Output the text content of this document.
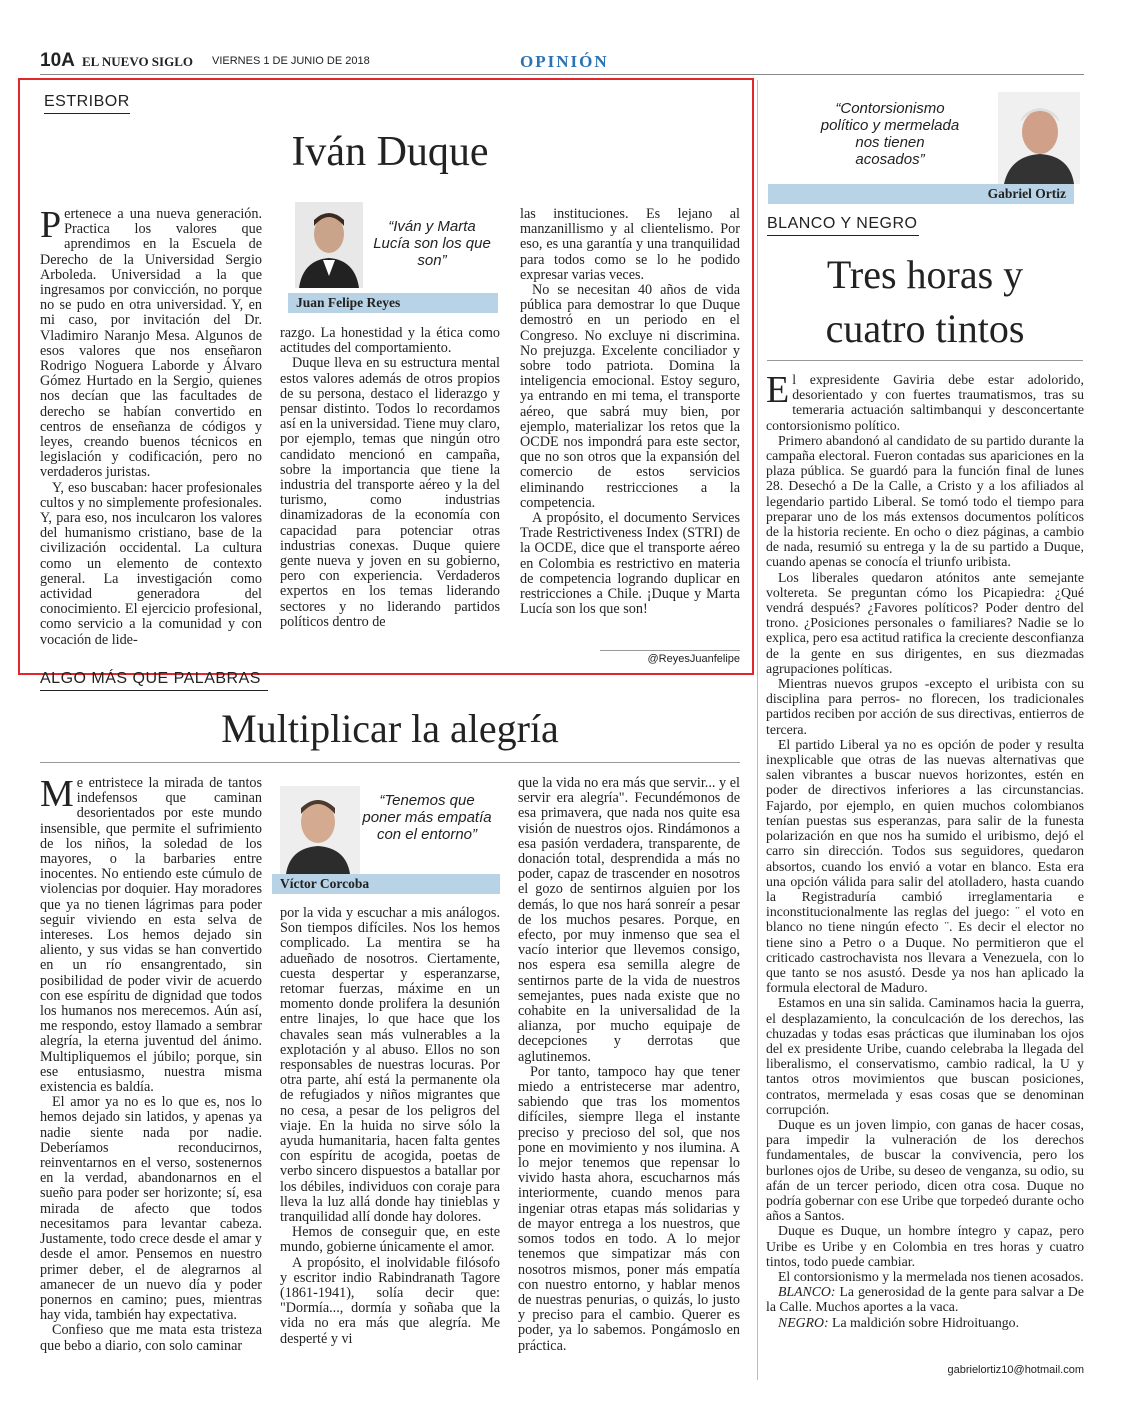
10A EL NUEVO SIGLO VIERNES 1 DE JUNIO DE 2018	OPINIÓN
ESTRIBOR
Iván Duque
“Iván y Marta Lucía son los que son”
Juan Felipe Reyes

Pertenece a una nueva generación. Practica los valores que aprendimos en la Escuela de Derecho de la Universidad Sergio Arboleda. Universidad a la que ingresamos por convicción, no porque no se pudo en otra universidad. Y, en mi caso, por invitación del Dr. Vladimiro Naranjo Mesa. Algunos de esos valores que nos enseñaron Rodrigo Noguera Laborde y Álvaro Gómez Hurtado en la Sergio, quienes nos decían que las facultades de derecho se habían convertido en centros de enseñanza de códigos y leyes, creando buenos técnicos en legislación y codificación, pero no verdaderos juristas.

Y, eso buscaban: hacer profesionales cultos y no simplemente profesionales. Y, para eso, nos inculcaron los valores del humanismo cristiano, base de la civilización occidental. La cultura como un elemento de contexto general. La investigación como actividad generadora del conocimiento. El ejercicio profesional, como servicio a la comunidad y con vocación de lide-

razgo. La honestidad y la ética como actitudes del comportamiento.

Duque lleva en su estructura mental estos valores además de otros propios de su persona, destaco el liderazgo y pensar distinto. Todos lo recordamos así en la universidad. Tiene muy claro, por ejemplo, temas que ningún otro candidato mencionó en campaña, sobre la importancia que tiene la industria del transporte aéreo y la del turismo, como industrias dinamizadoras de la economía con capacidad para potenciar otras industrias conexas. Duque quiere gente nueva y joven en su gobierno, pero con experiencia. Verdaderos expertos en los temas liderando sectores y no liderando partidos políticos dentro de

las instituciones. Es lejano al manzanillismo y al clientelismo. Por eso, es una garantía y una tranquilidad para todos como se lo he podido expresar varias veces.

No se necesitan 40 años de vida pública para demostrar lo que Duque demostró en un periodo en el Congreso. No excluye ni discrimina. No prejuzga. Excelente conciliador y sobre todo patriota. Domina la inteligencia emocional. Estoy seguro, ya entrando en mi tema, el transporte aéreo, que sabrá muy bien, por ejemplo, materializar los retos que la OCDE nos impondrá para este sector, que no son otros que la expansión del comercio de estos servicios eliminando restricciones a la competencia.

A propósito, el documento Services Trade Restrictiveness Index (STRI) de la OCDE, dice que el transporte aéreo en Colombia es restrictivo en materia de competencia logrando duplicar en restricciones a Chile. ¡Duque y Marta Lucía son los que son!

@ReyesJuanfelipe
ALGO MÁS QUE PALABRAS
Multiplicar la alegría
“Tenemos que poner más empatía con el entorno”
Víctor Corcoba

Me entristece la mirada de tantos indefensos que caminan desorientados por este mundo insensible, que permite el sufrimiento de los niños, la soledad de los mayores, o la barbaries entre inocentes. No entiendo este cúmulo de violencias por doquier. Hay moradores que ya no tienen lágrimas para poder seguir viviendo en esta selva de intereses. Los hemos dejado sin aliento, y sus vidas se han convertido en un río ensangrentado, sin posibilidad de poder vivir de acuerdo con ese espíritu de dignidad que todos los humanos nos merecemos. Aún así, me respondo, estoy llamado a sembrar alegría, la eterna juventud del ánimo. Multipliquemos el júbilo; porque, sin ese entusiasmo, nuestra misma existencia es baldía.

El amor ya no es lo que es, nos lo hemos dejado sin latidos, y apenas ya nadie siente nada por nadie. Deberíamos reconducirnos, reinventarnos en el verso, sostenernos en la verdad, abandonarnos en el sueño para poder ser horizonte; sí, esa mirada de afecto que todos necesitamos para levantar cabeza. Justamente, todo crece desde el amar y desde el amor. Pensemos en nuestro primer deber, el de alegrarnos al amanecer de un nuevo día y poder ponernos en camino; pues, mientras hay vida, también hay expectativa.

Confieso que me mata esta tristeza que bebo a diario, con solo caminar

por la vida y escuchar a mis análogos. Son tiempos difíciles. Nos los hemos complicado. La mentira se ha adueñado de nosotros. Ciertamente, cuesta despertar y esperanzarse, retomar fuerzas, máxime en un momento donde prolifera la desunión entre linajes, lo que hace que los chavales sean más vulnerables a la explotación y al abuso. Ellos no son responsables de nuestras locuras. Por otra parte, ahí está la permanente ola de refugiados y niños migrantes que no cesa, a pesar de los peligros del viaje. En la huida no sirve sólo la ayuda humanitaria, hacen falta gentes con espíritu de acogida, poetas de verbo sincero dispuestos a batallar por los débiles, individuos con coraje para lleva la luz allá donde hay tinieblas y tranquilidad allí donde hay dolores.

Hemos de conseguir que, en este mundo, gobierne únicamente el amor.

A propósito, el inolvidable filósofo y escritor indio Rabindranath Tagore (1861-1941), solía decir que: "Dormía..., dormía y soñaba que la vida no era más que alegría. Me desperté y vi

que la vida no era más que servir... y el servir era alegría". Fecundémonos de esa primavera, que nada nos quite esa visión de nuestros ojos. Rindámonos a esa pasión verdadera, transparente, de donación total, desprendida a más no poder, capaz de trascender en nosotros el gozo de sentirnos alguien por los demás, lo que nos hará sonreír a pesar de los muchos pesares. Porque, en efecto, por muy inmenso que sea el vacío interior que llevemos consigo, nos espera esa semilla alegre de sentirnos parte de la vida de nuestros semejantes, pues nada existe que no cohabite en la universalidad de la alianza, por mucho equipaje de decepciones y derrotas que aglutinemos.

Por tanto, tampoco hay que tener miedo a entristecerse mar adentro, sabiendo que tras los momentos difíciles, siempre llega el instante preciso y precioso del sol, que nos pone en movimiento y nos ilumina. A lo mejor tenemos que repensar lo vivido hasta ahora, escucharnos más interiormente, cuando menos para ingeniar otras etapas más solidarias y de mayor entrega a los nuestros, que somos todos en todo. A lo mejor tenemos que simpatizar más con nosotros mismos, poner más empatía con nuestro entorno, y hablar menos de nuestras penurias, o quizás, lo justo y preciso para el cambio. Querer es poder, ya lo sabemos. Pongámoslo en práctica.

“Contorsionismo político y mermelada nos tienen acosados”
Gabriel Ortiz
BLANCO Y NEGRO
Tres horas y
cuatro tintos

El expresidente Gaviria debe estar adolorido, desorientado y con fuertes traumatismos, tras su temeraria actuación saltimbanqui y desconcertante contorsionismo político.

Primero abandonó al candidato de su partido durante la campaña electoral. Fueron contadas sus apariciones en la plaza pública. Se guardó para la función final de lunes 28. Desechó a De la Calle, a Cristo y a los afiliados al legendario partido Liberal. Se tomó todo el tiempo para preparar uno de los más extensos documentos políticos de la historia reciente. En ocho o diez páginas, a cambio de nada, resumió su entrega y la de su partido a Duque, cuando apenas se conocía el triunfo uribista.

Los liberales quedaron atónitos ante semejante voltereta. Se preguntan cómo los Picapiedra: ¿Qué vendrá después? ¿Favores políticos? Poder dentro del trono. ¿Posiciones personales o familiares? Nadie se lo explica, pero esa actitud ratifica la creciente desconfianza de la gente en sus dirigentes, en sus diezmadas agrupaciones políticas.

Mientras nuevos grupos -excepto el uribista con su disciplina para perros- no florecen, los tradicionales partidos reciben por acción de sus directivas, entierros de tercera.

El partido Liberal ya no es opción de poder y resulta inexplicable que otras de las nuevas alternativas que salen vibrantes a buscar nuevos horizontes, estén en poder de directivos inferiores a las circunstancias. Fajardo, por ejemplo, en quien muchos colombianos tenían puestas sus esperanzas, para salir de la funesta polarización en que nos ha sumido el uribismo, dejó el carro sin dirección. Todos sus seguidores, quedaron absortos, cuando los envió a votar en blanco. Esta era una opción válida para salir del atolladero, hasta cuando la Registraduría cambió irreglamentaria e inconstitucionalmente las reglas del juego: ¨ el voto en blanco no tiene ningún efecto ¨. Es decir el elector no tiene sino a Petro o a Duque. No permitieron que el criticado castrochavista nos llevara a Venezuela, con lo que tanto se nos asustó. Desde ya nos han aplicado la formula electoral de Maduro.

Estamos en una sin salida. Caminamos hacia la guerra, el desplazamiento, la conculcación de los derechos, las chuzadas y todas esas prácticas que iluminaban los ojos del ex presidente Uribe, cuando celebraba la llegada del liberalismo, el conservatismo, cambio radical, la U y tantos otros movimientos que buscan posiciones, contratos, mermelada y esas cosas que se denominan corrupción.

Duque es un joven limpio, con ganas de hacer cosas, para impedir la vulneración de los derechos fundamentales, de buscar la convivencia, pero los burlones ojos de Uribe, su deseo de venganza, su odio, su afán de un tercer periodo, dicen otra cosa. Duque no podría gobernar con ese Uribe que torpedeó durante ocho años a Santos.

Duque es Duque, un hombre íntegro y capaz, pero Uribe es Uribe y en Colombia en tres horas y cuatro tintos, todo puede cambiar.

El contorsionismo y la mermelada nos tienen acosados.

BLANCO: La generosidad de la gente para salvar a De la Calle. Muchos aportes a la vaca.

NEGRO: La maldición sobre Hidroituango.

gabrielortiz10@hotmail.com
